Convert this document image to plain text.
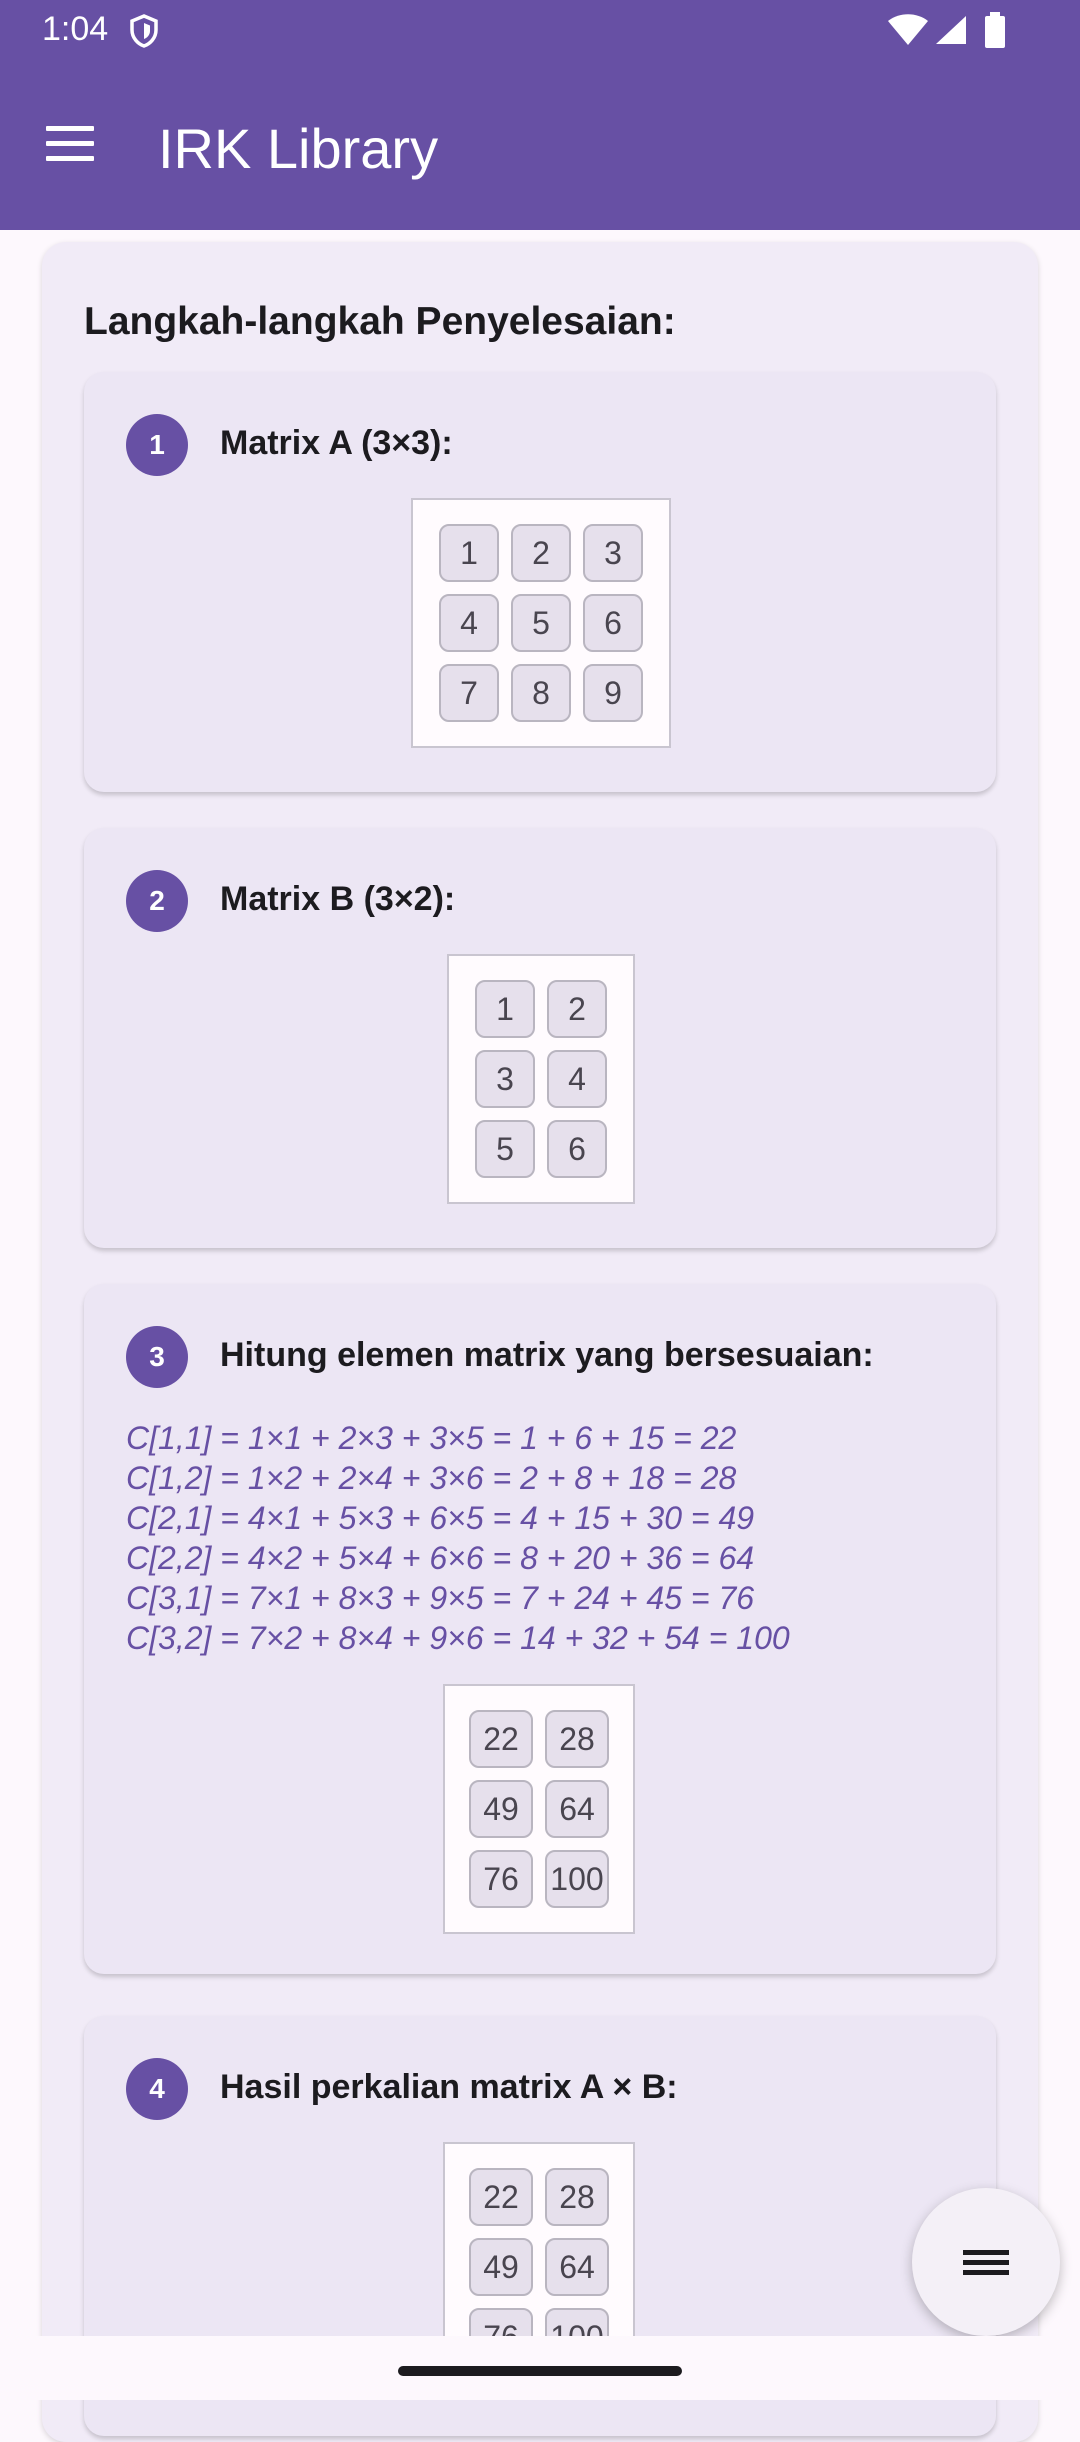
1:04
IRK Library
Langkah-langkah Penyelesaian:
1	Matrix A (3×3):
1	2	3
4	5	6
7	8	9
2	Matrix B (3×2):
1	2
3	4
5	6
3	Hitung elemen matrix yang bersesuaian:
C[1,1] = 1×1 + 2×3 + 3×5 = 1 + 6 + 15 = 22
C[1,2] = 1×2 + 2×4 + 3×6 = 2 + 8 + 18 = 28
C[2,1] = 4×1 + 5×3 + 6×5 = 4 + 15 + 30 = 49
C[2,2] = 4×2 + 5×4 + 6×6 = 8 + 20 + 36 = 64
C[3,1] = 7×1 + 8×3 + 9×5 = 7 + 24 + 45 = 76
C[3,2] = 7×2 + 8×4 + 9×6 = 14 + 32 + 54 = 100
22	28
49	64
76 100
4	Hasil perkalian matrix A × B:
22	28
49	64
